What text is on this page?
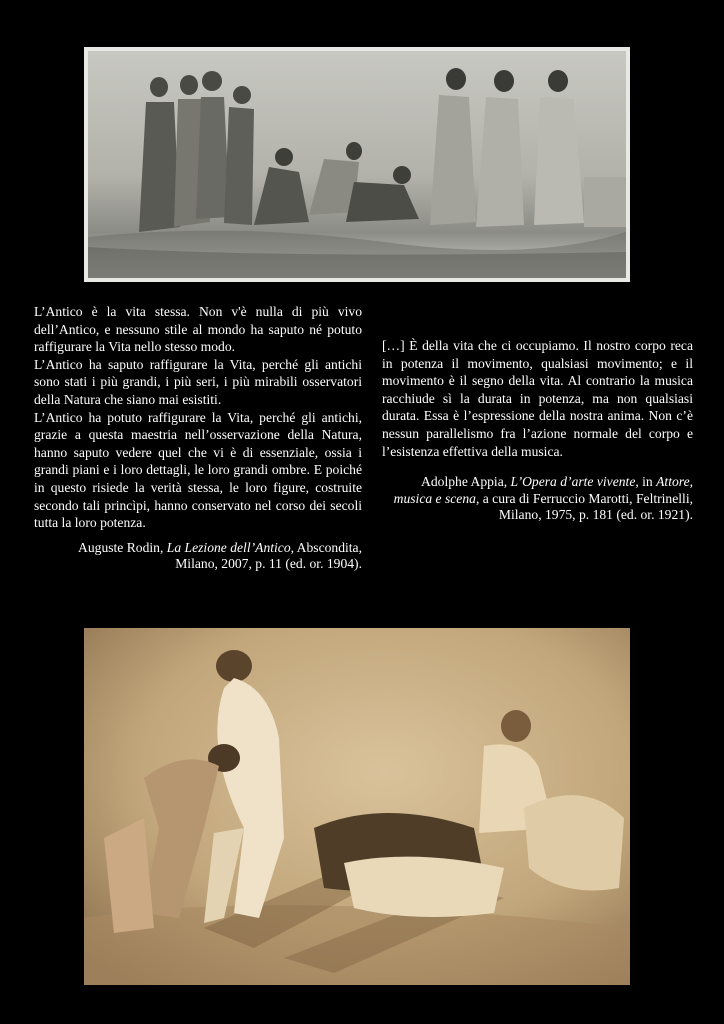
L’Antico è la vita stessa. Non v'è nulla di più vivo dell’Antico, e nessuno stile al mondo ha saputo né potuto raffigurare la Vita nello stesso modo.

L’Antico ha saputo raffigurare la Vita, perché gli antichi sono stati i più grandi, i più seri, i più mirabili osservatori della Natura che siano mai esistiti.

L’Antico ha potuto raffigurare la Vita, perché gli antichi, grazie a questa maestria nell’osservazione della Natura, hanno saputo vedere quel che vi è di essenziale, ossia i grandi piani e i loro dettagli, le loro grandi ombre. E poiché in questo risiede la verità stessa, le loro figure, costruite secondo tali princìpi, hanno conservato nel corso dei secoli tutta la loro potenza.

Auguste Rodin, La Lezione dell’Antico, Abscondita, Milano, 2007, p. 11 (ed. or. 1904).

[…] È della vita che ci occupiamo. Il nostro corpo reca in potenza il movimento, qualsiasi movimento; e il movimento è il segno della vita. Al contrario la musica racchiude sì la durata in potenza, ma non qualsiasi durata. Essa è l’espressione della nostra anima. Non c’è nessun parallelismo fra l’azione normale del corpo e l’esistenza effettiva della musica.

Adolphe Appia, L’Opera d’arte vivente, in Attore, musica e scena, a cura di Ferruccio Marotti, Feltrinelli, Milano, 1975, p. 181 (ed. or. 1921).
